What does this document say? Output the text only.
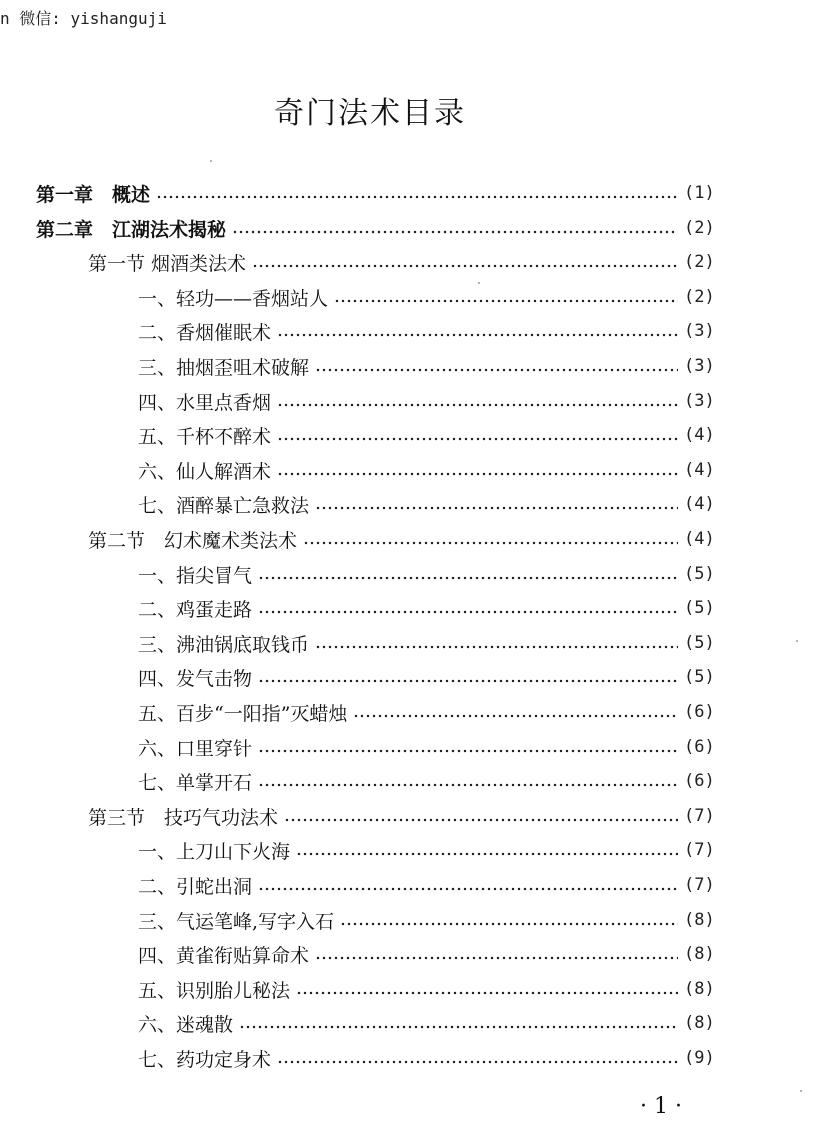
n 微信: yishanguji
奇门法术目录
第一章　概述	(1)
第二章　江湖法术揭秘	(2)
第一节 烟酒类法术	(2)
一、轻功——香烟站人	(2)
二、香烟催眠术	(3)
三、抽烟歪咀术破解	(3)
四、水里点香烟	(3)
五、千杯不醉术	(4)
六、仙人解酒术	(4)
七、酒醉暴亡急救法	(4)
第二节　幻术魔术类法术	(4)
一、指尖冒气	(5)
二、鸡蛋走路	(5)
三、沸油锅底取钱币	(5)
四、发气击物	(5)
五、百步“一阳指”灭蜡烛	(6)
六、口里穿针	(6)
七、单掌开石	(6)
第三节　技巧气功法术	(7)
一、上刀山下火海	(7)
二、引蛇出洞	(7)
三、气运笔峰,写字入石	(8)
四、黄雀衔贴算命术	(8)
五、识别胎儿秘法	(8)
六、迷魂散	(8)
七、药功定身术	(9)
· 1 ·
